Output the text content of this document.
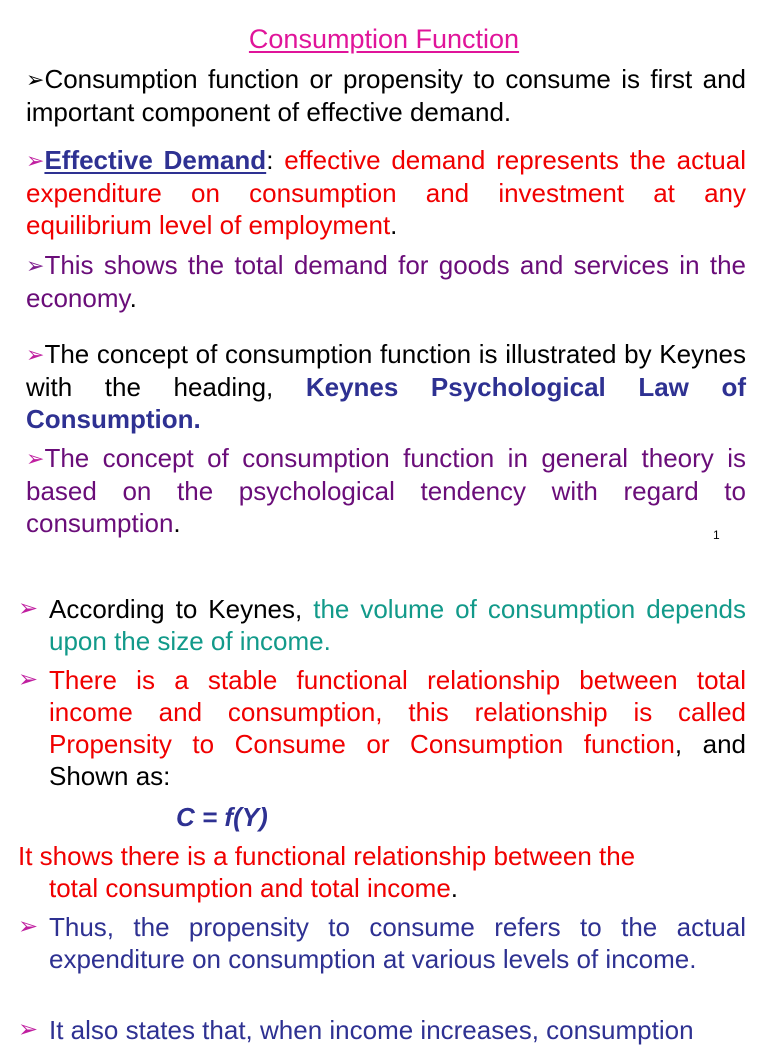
Consumption Function
➢Consumption function or propensity to consume is first and important component of effective demand.
➢Effective Demand: effective demand represents the actual expenditure on consumption and investment at any equilibrium level of employment.
➢This shows the total demand for goods and services in the economy.
➢The concept of consumption function is illustrated by Keynes with the heading, Keynes Psychological Law of Consumption.
➢The concept of consumption function in general theory is based on the psychological tendency with regard to consumption.	1
➢ According to Keynes, the volume of consumption depends upon the size of income.
➢ There is a stable functional relationship between total income and consumption, this relationship is called Propensity to Consume or Consumption function, and Shown as:
C = f(Y)
It shows there is a functional relationship between the
total consumption and total income.
➢ Thus, the propensity to consume refers to the actual expenditure on consumption at various levels of income.
➢ It also states that, when income increases, consumption
